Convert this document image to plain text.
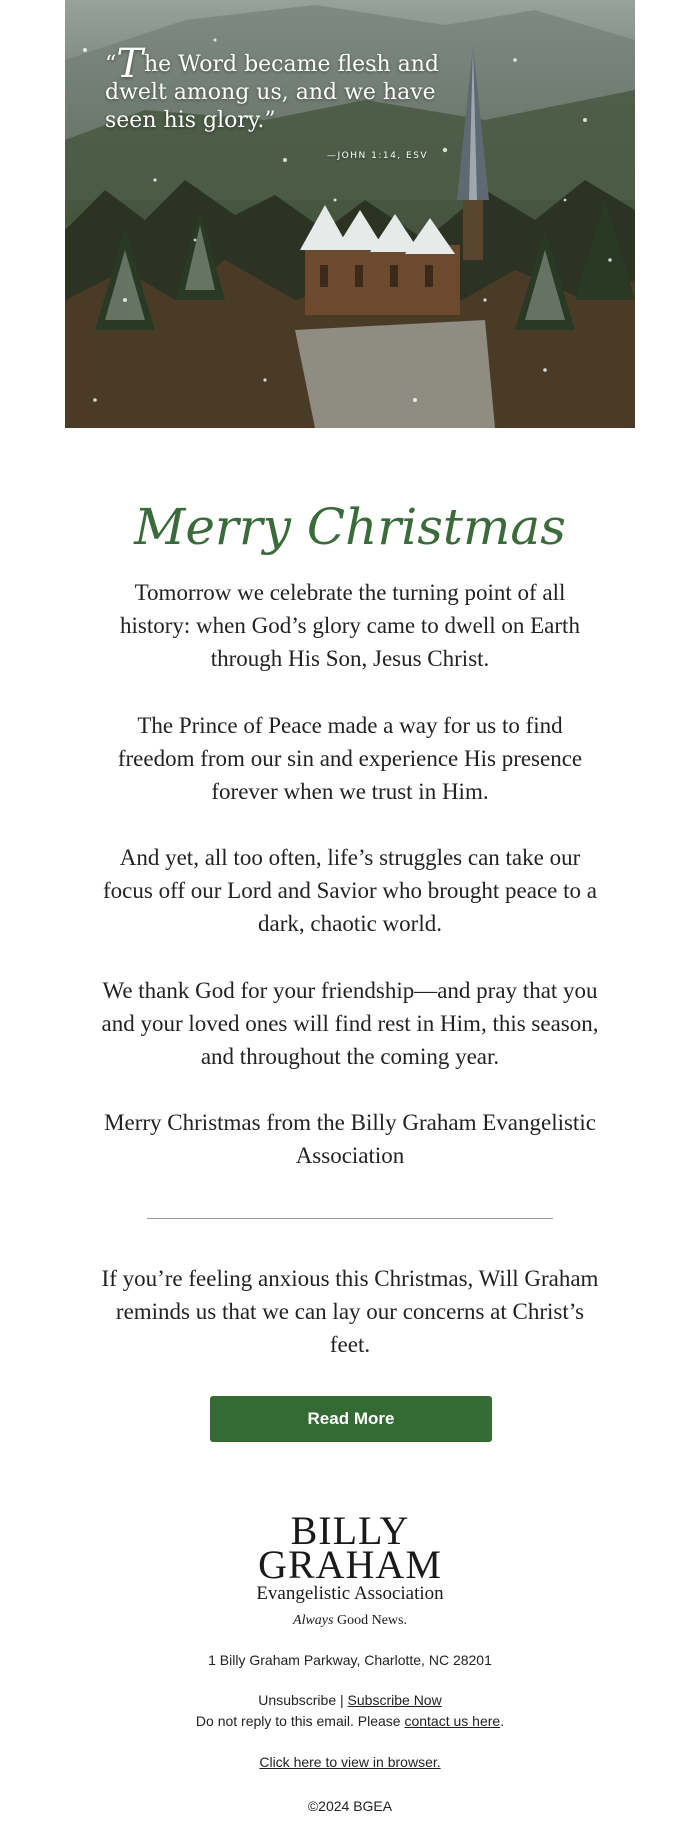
“The Word became flesh and dwelt among us, and we have seen his glory.”
—JOHN 1:14, ESV
Merry Christmas

Tomorrow we celebrate the turning point of all history: when God’s glory came to dwell on Earth through His Son, Jesus Christ.

The Prince of Peace made a way for us to find freedom from our sin and experience His presence forever when we trust in Him.

And yet, all too often, life’s struggles can take our focus off our Lord and Savior who brought peace to a dark, chaotic world.

We thank God for your friendship—and pray that you and your loved ones will find rest in Him, this season, and throughout the coming year.

Merry Christmas from the Billy Graham Evangelistic Association

If you’re feeling anxious this Christmas, Will Graham reminds us that we can lay our concerns at Christ’s feet.

Read More
BILLY
GRAHAM
Evangelistic Association
Always Good News.
1 Billy Graham Parkway, Charlotte, NC 28201
Unsubscribe | Subscribe Now
Do not reply to this email. Please contact us here.
Click here to view in browser.
©2024 BGEA
